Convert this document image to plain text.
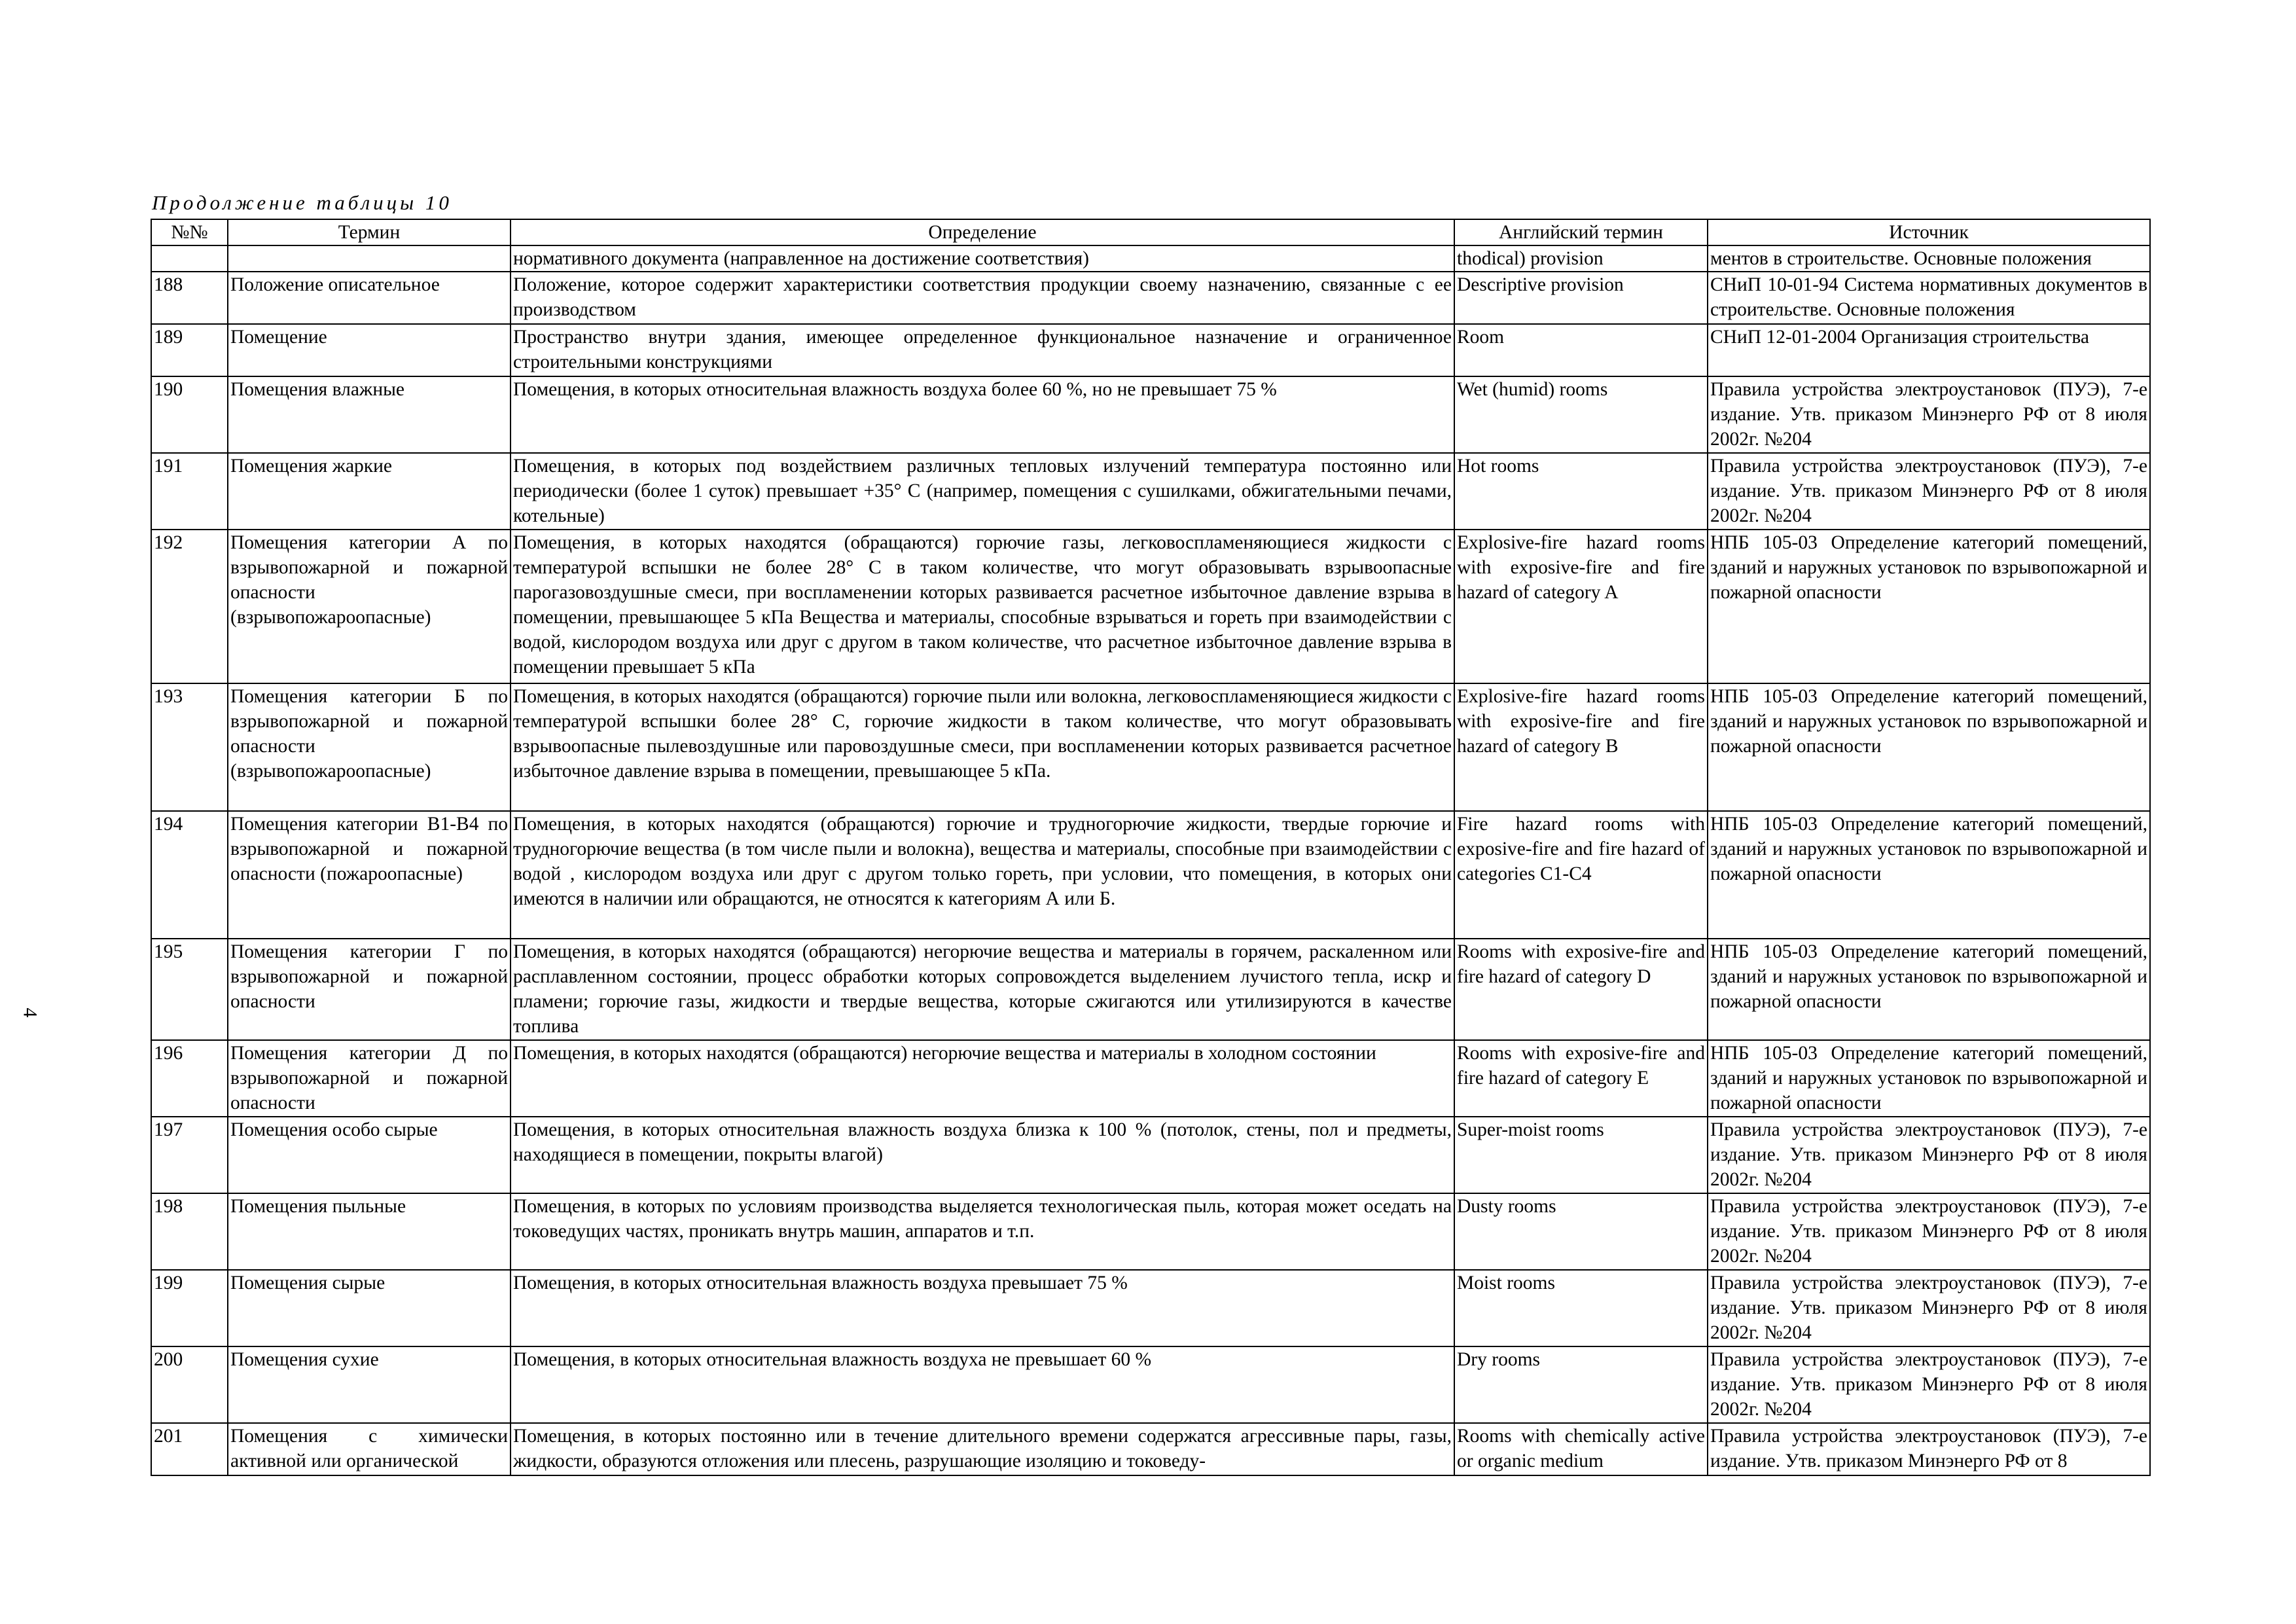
Продолжение таблицы 10
4
№№	Термин	Определение	Английский термин	Источник
		нормативного документа (направленное на достижение соответствия)	thodical) provision	ментов в строительстве. Основные положения
188	Положение описательное	Положение, которое содержит характеристики соответствия продукции своему назначению, связанные с ее производством	Descriptive provision	СНиП 10-01-94 Система нормативных документов в строительстве. Основные положения
189	Помещение	Пространство внутри здания, имеющее определенное функциональное назначение и ограниченное строительными конструкциями	Room	СНиП 12-01-2004 Организация строительства
190	Помещения влажные	Помещения, в которых относительная влажность воздуха более 60 %, но не превышает 75 %	Wet (humid) rooms	Правила устройства электроустановок (ПУЭ), 7-е издание. Утв. приказом Минэнерго РФ от 8 июля 2002г. №204
191	Помещения жаркие	Помещения, в которых под воздействием различных тепловых излучений температура постоянно или периодически (более 1 суток) превышает +35° С (например, помещения с сушилками, обжигательными печами, котельные)	Hot rooms	Правила устройства электроустановок (ПУЭ), 7-е издание. Утв. приказом Минэнерго РФ от 8 июля 2002г. №204
192	Помещения категории А по взрывопожарной и пожарной опасности (взрывопожароопасные)	Помещения, в которых находятся (обращаются) горючие газы, легковоспламеняющиеся жидкости с температурой вспышки не более 28° С в таком количестве, что могут образовывать взрывоопасные парогазовоздушные смеси, при воспламенении которых развивается расчетное избыточное давление взрыва в помещении, превышающее 5 кПа Вещества и материалы, способные взрываться и гореть при взаимодействии с водой, кислородом воздуха или друг с другом в таком количестве, что расчетное избыточное давление взрыва в помещении превышает 5 кПа	Explosive-fire hazard rooms with exposive-fire and fire hazard of category A	НПБ 105-03 Определение категорий помещений, зданий и наружных установок по взрывопожарной и пожарной опасности
193	Помещения категории Б по взрывопожарной и пожарной опасности (взрывопожароопасные)	Помещения, в которых находятся (обращаются) горючие пыли или волокна, легковоспламеняющиеся жидкости с температурой вспышки более 28° С, горючие жидкости в таком количестве, что могут образовывать взрывоопасные пылевоздушные или паровоздушные смеси, при воспламенении которых развивается расчетное избыточное давление взрыва в помещении, превышающее 5 кПа.	Explosive-fire hazard rooms with exposive-fire and fire hazard of category B	НПБ 105-03 Определение категорий помещений, зданий и наружных установок по взрывопожарной и пожарной опасности
194	Помещения категории В1-В4 по взрывопожарной и пожарной опасности (пожароопасные)	Помещения, в которых находятся (обращаются) горючие и трудногорючие жидкости, твердые горючие и трудногорючие вещества (в том числе пыли и волокна), вещества и материалы, способные при взаимодействии с водой , кислородом воздуха или друг с другом только гореть, при условии, что помещения, в которых они имеются в наличии или обращаются, не относятся к категориям А или Б.	Fire hazard rooms with exposive-fire and fire hazard of categories C1-C4	НПБ 105-03 Определение категорий помещений, зданий и наружных установок по взрывопожарной и пожарной опасности
195	Помещения категории Г по взрывопожарной и пожарной опасности	Помещения, в которых находятся (обращаются) негорючие вещества и материалы в горячем, раскаленном или расплавленном состоянии, процесс обработки которых сопровождется выделением лучистого тепла, искр и пламени; горючие газы, жидкости и твердые вещества, которые сжигаются или утилизируются в качестве топлива	Rooms with exposive-fire and fire hazard of category D	НПБ 105-03 Определение категорий помещений, зданий и наружных установок по взрывопожарной и пожарной опасности
196	Помещения категории Д по взрывопожарной и пожарной опасности	Помещения, в которых находятся (обращаются) негорючие вещества и материалы в холодном состоянии	Rooms with exposive-fire and fire hazard of category E	НПБ 105-03 Определение категорий помещений, зданий и наружных установок по взрывопожарной и пожарной опасности
197	Помещения особо сырые	Помещения, в которых относительная влажность воздуха близка к 100 % (потолок, стены, пол и предметы, находящиеся в помещении, покрыты влагой)	Super-moist rooms	Правила устройства электроустановок (ПУЭ), 7-е издание. Утв. приказом Минэнерго РФ от 8 июля 2002г. №204
198	Помещения пыльные	Помещения, в которых по условиям производства выделяется технологическая пыль, которая может оседать на токоведущих частях, проникать внутрь машин, аппаратов и т.п.	Dusty rooms	Правила устройства электроустановок (ПУЭ), 7-е издание. Утв. приказом Минэнерго РФ от 8 июля 2002г. №204
199	Помещения сырые	Помещения, в которых относительная влажность воздуха превышает 75 %	Moist rooms	Правила устройства электроустановок (ПУЭ), 7-е издание. Утв. приказом Минэнерго РФ от 8 июля 2002г. №204
200	Помещения сухие	Помещения, в которых относительная влажность воздуха не превышает 60 %	Dry rooms	Правила устройства электроустановок (ПУЭ), 7-е издание. Утв. приказом Минэнерго РФ от 8 июля 2002г. №204
201	Помещения с химически активной или органической	Помещения, в которых постоянно или в течение длительного времени содержатся агрессивные пары, газы, жидкости, образуются отложения или плесень, разрушающие изоляцию и токоведу-	Rooms with chemically active or organic medium	Правила устройства электроустановок (ПУЭ), 7-е издание. Утв. приказом Минэнерго РФ от 8
